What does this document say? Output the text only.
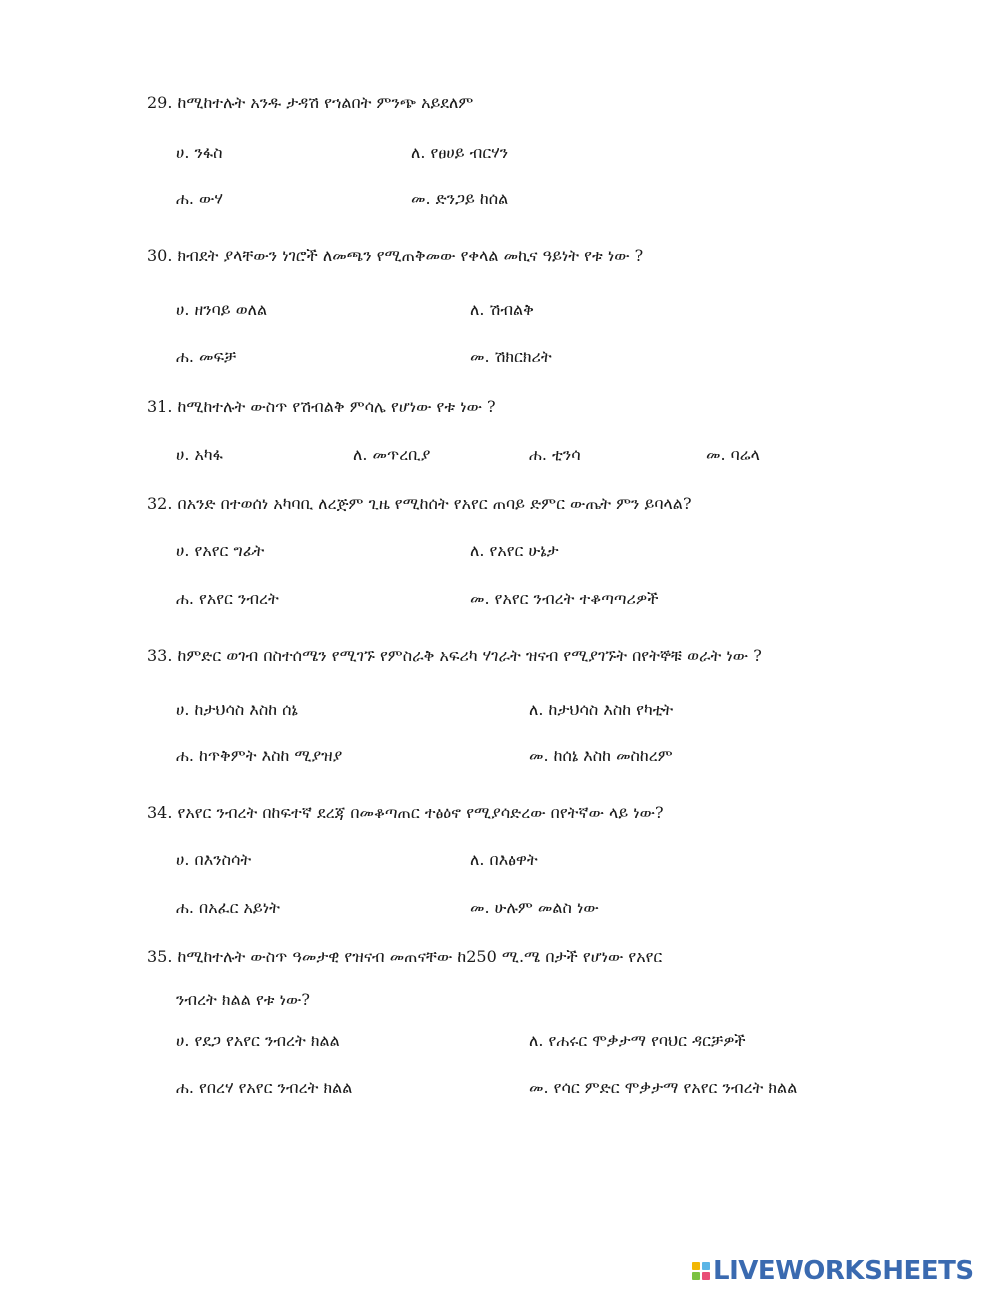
29. ከሚከተሉት አንዱ ታዳሽ የኀልበት ምንጭ አይደለም
ሀ. ንፋስ	ለ. የፀሀይ ብርሃን
ሐ. ውሃ	መ. ድንጋይ ከሰል
30. ክብደት ያላቸውን ነገሮች ለመጫን የሚጠቅመው የቀላል መኪና ዓይነት የቱ ነው ?
ሀ. ዘንባይ ወለል	ለ. ሽብልቅ
ሐ. መፍቻ	መ. ሽክርክሪት
31. ከሚከተሉት ውስጥ የሽብልቅ ምሳሌ የሆነው የቱ ነው ?
ሀ. አካፋ	ለ. መጥረቢያ	ሐ. ቲንሳ	መ. ባሬላ
32. በአንድ በተወሰነ አካባቢ ለረጅም ጊዜ የሚከሰት የአየር ጠባይ ድምር ውጤት ምን ይባላል?
ሀ. የአየር ግፊት	ለ. የአየር ሁኔታ
ሐ. የአየር ንብረት	መ. የአየር ንብረት ተቆጣጣሪዎች
33. ከምድር ወገብ በስተሰሜን የሚገኙ የምስራቅ አፍሪካ ሃገራት ዝናብ የሚያገኙት በየትኞቹ ወራት ነው ?
ሀ. ከታህሳስ እስከ ሰኔ	ለ. ከታህሳስ እስከ የካቲት
ሐ. ከጥቅምት እስከ ሚያዝያ	መ. ከሰኔ እስከ መስከረም
34. የአየር ንብረት በከፍተኛ ደረጃ በመቆጣጠር ተፅዕኖ የሚያሳድረው በየትኛው ላይ ነው?
ሀ. በእንስሳት	ለ. በእፅዋት
ሐ. በአፈር አይነት	መ. ሁሉም መልስ ነው
35. ከሚከተሉት ውስጥ ዓመታዊ የዝናብ መጠናቸው ከ250 ሚ.ሜ በታች የሆነው የአየር
ንብረት ክልል የቱ ነው?
ሀ. የደጋ የአየር ንብረት ክልል	ለ. የሐሩር ሞቃታማ የባህር ዳርቻዎች
ሐ. የበረሃ የአየር ንብረት ክልል	መ. የሳር ምድር ሞቃታማ የአየር ንብረት ክልል
LIVEWORKSHEETS
